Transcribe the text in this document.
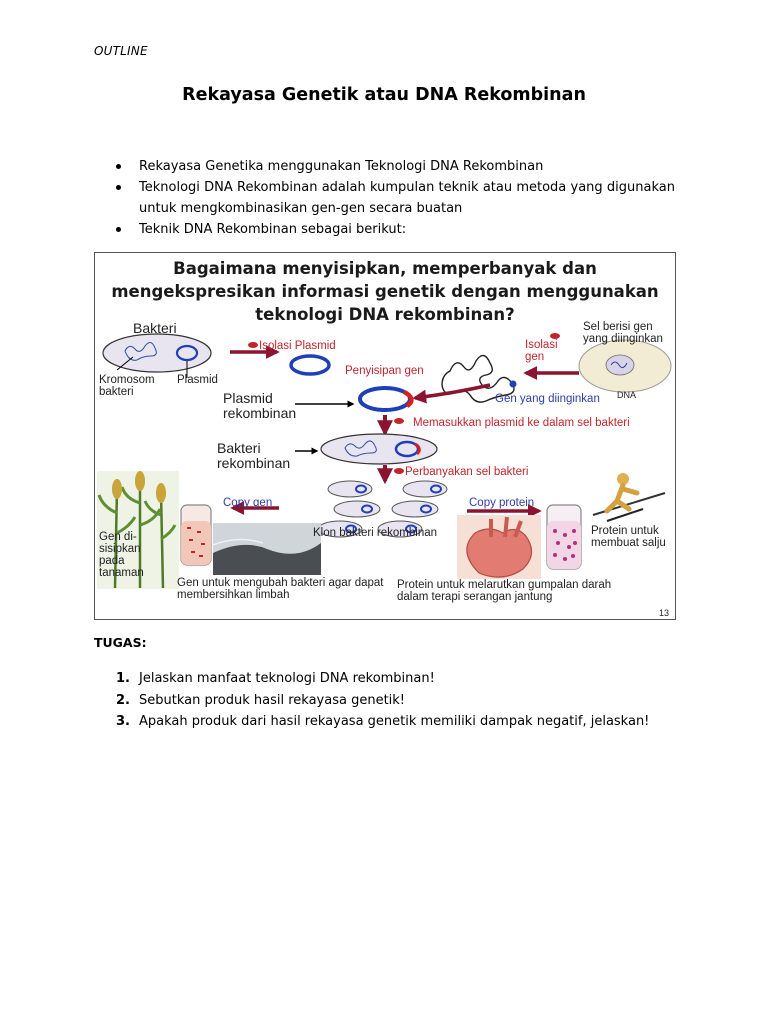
OUTLINE
Rekayasa Genetik atau DNA Rekombinan
Rekayasa Genetika menggunakan Teknologi DNA Rekombinan
Teknologi DNA Rekombinan adalah kumpulan teknik atau metoda yang digunakan untuk mengkombinasikan gen-gen secara buatan
Teknik DNA Rekombinan sebagai berikut:
Bagaimana menyisipkan, memperbanyak dan mengekspresikan informasi genetik dengan menggunakan teknologi DNA rekombinan?
Bakteri
Kromosom bakteri
Plasmid
Isolasi Plasmid
Penyisipan gen
Isolasi gen
Sel berisi gen yang diinginkan
DNA
Gen yang diinginkan
Plasmid rekombinan
Memasukkan plasmid ke dalam sel bakteri
Bakteri rekombinan
Perbanyakan sel bakteri
Copy gen	Copy protein
Klon bakteri rekombinan
Gen di-sisipkan pada tanaman
Gen untuk mengubah bakteri agar dapat membersihkan limbah
Protein untuk membuat salju
Protein untuk melarutkan gumpalan darah dalam terapi serangan jantung
13
TUGAS:
1. Jelaskan manfaat teknologi DNA rekombinan!
2. Sebutkan produk hasil rekayasa genetik!
3. Apakah produk dari hasil rekayasa genetik memiliki dampak negatif, jelaskan!
